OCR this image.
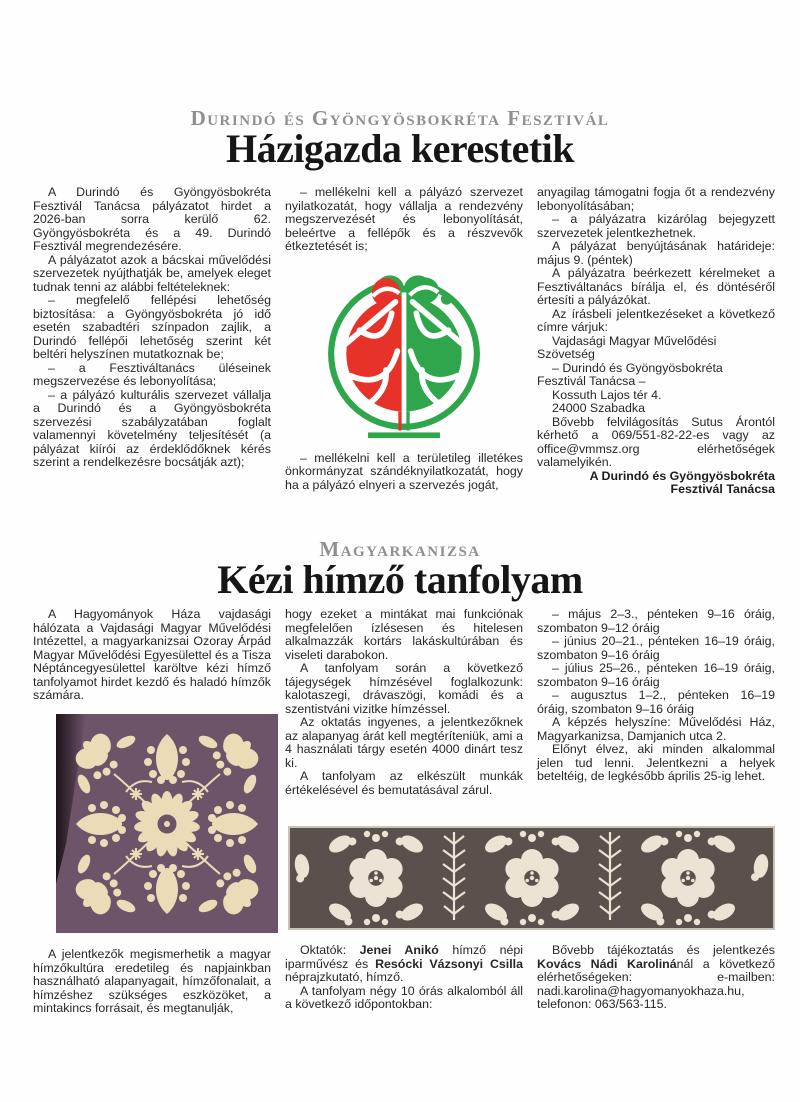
Durindó és Gyöngyösbokréta Fesztivál
Házigazda kerestetik

A Durindó és Gyöngyösbokréta Fesztivál Tanácsa pályázatot hirdet a 2026-ban sorra kerülő 62. Gyöngyösbokréta és a 49. Durindó Fesztivál megrendezésére.

A pályázatot azok a bácskai művelődési szervezetek nyújthatják be, amelyek eleget tudnak tenni az alábbi feltételeknek:

– megfelelő fellépési lehetőség biztosítása: a Gyöngyösbokréta jó idő esetén szabadtéri színpadon zajlik, a Durindó fellépői lehetőség szerint két beltéri helyszínen mutatkoznak be;

– a Fesztiváltanács üléseinek megszervezése és lebonyolítása;

– a pályázó kulturális szervezet vállalja a Durindó és a Gyöngyösbokréta szervezési szabályzatában foglalt valamennyi követelmény teljesítését (a pályázat kiírói az érdeklődőknek kérés szerint a rendelkezésre bocsátják azt);

– mellékelni kell a pályázó szervezet nyilatkozatát, hogy vállalja a rendezvény megszervezését és lebonyolítását, beleértve a fellépők és a részvevők étkeztetését is;

– mellékelni kell a területileg illetékes önkormányzat szándéknyilatkozatát, hogy ha a pályázó elnyeri a szervezés jogát,

anyagilag támogatni fogja őt a rendezvény lebonyolításában;

– a pályázatra kizárólag bejegyzett szervezetek jelentkezhetnek.

A pályázat benyújtásának határideje: május 9. (péntek)

A pályázatra beérkezett kérelmeket a Fesztiváltanács bírálja el, és döntéséről értesíti a pályázókat.

Az írásbeli jelentkezéseket a következő címre várjuk:

Vajdasági Magyar Művelődési Szövetség

– Durindó és Gyöngyösbokréta Fesztivál Tanácsa –

Kossuth Lajos tér 4.

24000 Szabadka

Bővebb felvilágosítás Sutus Árontól kérhető a 069/551-82-22-es vagy az office@vmmsz.org elérhetőségek valamelyikén.

A Durindó és Gyöngyösbokréta
Fesztivál Tanácsa

Magyarkanizsa
Kézi hímző tanfolyam

A Hagyományok Háza vajdasági hálózata a Vajdasági Magyar Művelődési Intézettel, a magyarkanizsai Ozoray Árpád Magyar Művelődési Egyesülettel és a Tisza Néptáncegyesülettel karöltve kézi hímző tanfolyamot hirdet kezdő és haladó hímzők számára.

A jelentkezők megismerhetik a magyar hímzőkultúra eredetileg és napjainkban használható alapanyagait, hímzőfonalait, a hímzéshez szükséges eszközöket, a mintakincs forrásait, és megtanulják,

hogy ezeket a mintákat mai funkciónak megfelelően ízlésesen és hitelesen alkalmazzák kortárs lakáskultúrában és viseleti darabokon.

A tanfolyam során a következő tájegységek hímzésével foglalkozunk: kalotaszegi, drávaszögi, komádi és a szentistváni vizitke hímzéssel.

Az oktatás ingyenes, a jelentkezőknek az alapanyag árát kell megtéríteniük, ami a 4 használati tárgy esetén 4000 dinárt tesz ki.

A tanfolyam az elkészült munkák értékelésével és bemutatásával zárul.

– május 2–3., pénteken 9–16 óráig, szombaton 9–12 óráig

– június 20–21., pénteken 16–19 óráig, szombaton 9–16 óráig

– július 25–26., pénteken 16–19 óráig, szombaton 9–16 óráig

– augusztus 1–2., pénteken 16–19 óráig, szombaton 9–16 óráig

A képzés helyszíne: Művelődési Ház, Magyarkanizsa, Damjanich utca 2.

Előnyt élvez, aki minden alkalommal jelen tud lenni. Jelentkezni a helyek beteltéig, de legkésőbb április 25-ig lehet.

Oktatók: Jenei Anikó hímző népi iparművész és Resócki Vázsonyi Csilla néprajzkutató, hímző.

A tanfolyam négy 10 órás alkalomból áll a következő időpontokban:

Bővebb tájékoztatás és jelentkezés Kovács Nádi Karolinánál a következő elérhetőségeken: e-mailben: nadi.karolina@hagyomanyokhaza.hu, telefonon: 063/563-115.
